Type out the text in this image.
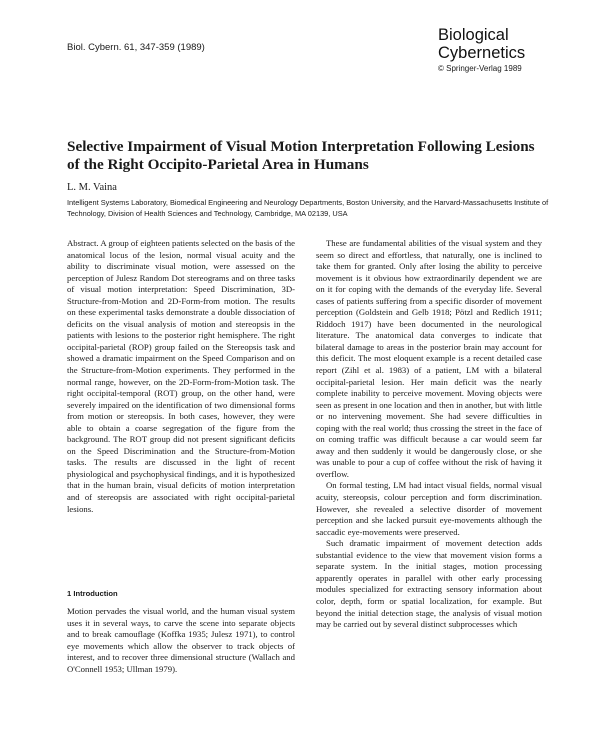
Biol. Cybern. 61, 347-359 (1989)
Biological
Cybernetics
© Springer-Verlag 1989
Selective Impairment of Visual Motion Interpretation Following Lesions of the Right Occipito-Parietal Area in Humans
L. M. Vaina
Intelligent Systems Laboratory, Biomedical Engineering and Neurology Departments, Boston University, and the Harvard-Massachusetts Institute of Technology, Division of Health Sciences and Technology, Cambridge, MA 02139, USA

Abstract. A group of eighteen patients selected on the basis of the anatomical locus of the lesion, normal visual acuity and the ability to discriminate visual motion, were assessed on the perception of Julesz Random Dot stereograms and on three tasks of visual motion interpretation: Speed Discrimination, 3D-Structure-from-Motion and 2D-Form-from motion. The results on these experimental tasks demonstrate a double dissociation of deficits on the visual analysis of motion and stereopsis in the patients with lesions to the posterior right hemisphere. The right occipital-parietal (ROP) group failed on the Stereopsis task and showed a dramatic impairment on the Speed Comparison and on the Structure-from-Motion experiments. They performed in the normal range, however, on the 2D-Form-from-Motion task. The right occipital-temporal (ROT) group, on the other hand, were severely impaired on the identification of two dimensional forms from motion or stereopsis. In both cases, however, they were able to obtain a coarse segregation of the figure from the background. The ROT group did not present significant deficits on the Speed Discrimination and the Structure-from-Motion tasks. The results are discussed in the light of recent physiological and psychophysical findings, and it is hypothesized that in the human brain, visual deficits of motion interpretation and of stereopsis are associated with right occipital-parietal lesions.

1 Introduction

Motion pervades the visual world, and the human visual system uses it in several ways, to carve the scene into separate objects and to break camouflage (Koffka 1935; Julesz 1971), to control eye movements which allow the observer to track objects of interest, and to recover three dimensional structure (Wallach and O'Connell 1953; Ullman 1979).

These are fundamental abilities of the visual system and they seem so direct and effortless, that naturally, one is inclined to take them for granted. Only after losing the ability to perceive movement is it obvious how extraordinarily dependent we are on it for coping with the demands of the everyday life. Several cases of patients suffering from a specific disorder of movement perception (Goldstein and Gelb 1918; Pötzl and Redlich 1911; Riddoch 1917) have been documented in the neurological literature. The anatomical data converges to indicate that bilateral damage to areas in the posterior brain may account for this deficit. The most eloquent example is a recent detailed case report (Zihl et al. 1983) of a patient, LM with a bilateral occipital-parietal lesion. Her main deficit was the nearly complete inability to perceive movement. Moving objects were seen as present in one location and then in another, but with little or no intervening movement. She had severe difficulties in coping with the real world; thus crossing the street in the face of on coming traffic was difficult because a car would seem far away and then suddenly it would be dangerously close, or she was unable to pour a cup of coffee without the risk of having it overflow.

On formal testing, LM had intact visual fields, normal visual acuity, stereopsis, colour perception and form discrimination. However, she revealed a selective disorder of movement perception and she lacked pursuit eye-movements although the saccadic eye-movements were preserved.

Such dramatic impairment of movement detection adds substantial evidence to the view that movement vision forms a separate system. In the initial stages, motion processing apparently operates in parallel with other early processing modules specialized for extracting sensory information about color, depth, form or spatial localization, for example. But beyond the initial detection stage, the analysis of visual motion may be carried out by several distinct subprocesses which
